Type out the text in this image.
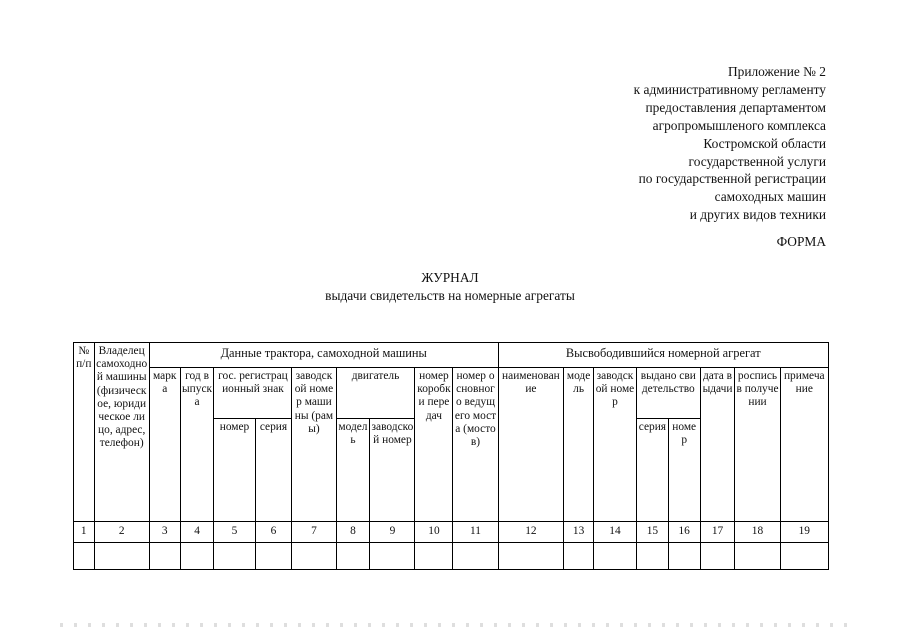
Приложение № 2
к административному регламенту
предоставления департаментом
агропромышленого комплекса
Костромской области
государственной услуги
по государственной регистрации
самоходных машин
и других видов техники
ФОРМА
ЖУРНАЛ
выдачи свидетельств на номерные агрегаты
№ п/п	Владелец самоходной машины (физическое, юридическое лицо, адрес, телефон)	Данные трактора, самоходной машины									Высвободившийся номерной агрегат							
		марка	год выпуска	гос. регистрационный знак		заводской номер машины (рамы)	двигатель		номер коробки передач	номер основного ведущего моста (мостов)	наименование	модель	заводской номер	выдано свидетельство		дата выдачи	роспись в получении	примечание
				номер	серия		модель	заводской номер						серия	номер			
1	2	3	4	5	6	7	8	9	10	11	12	13	14	15	16	17	18	19
